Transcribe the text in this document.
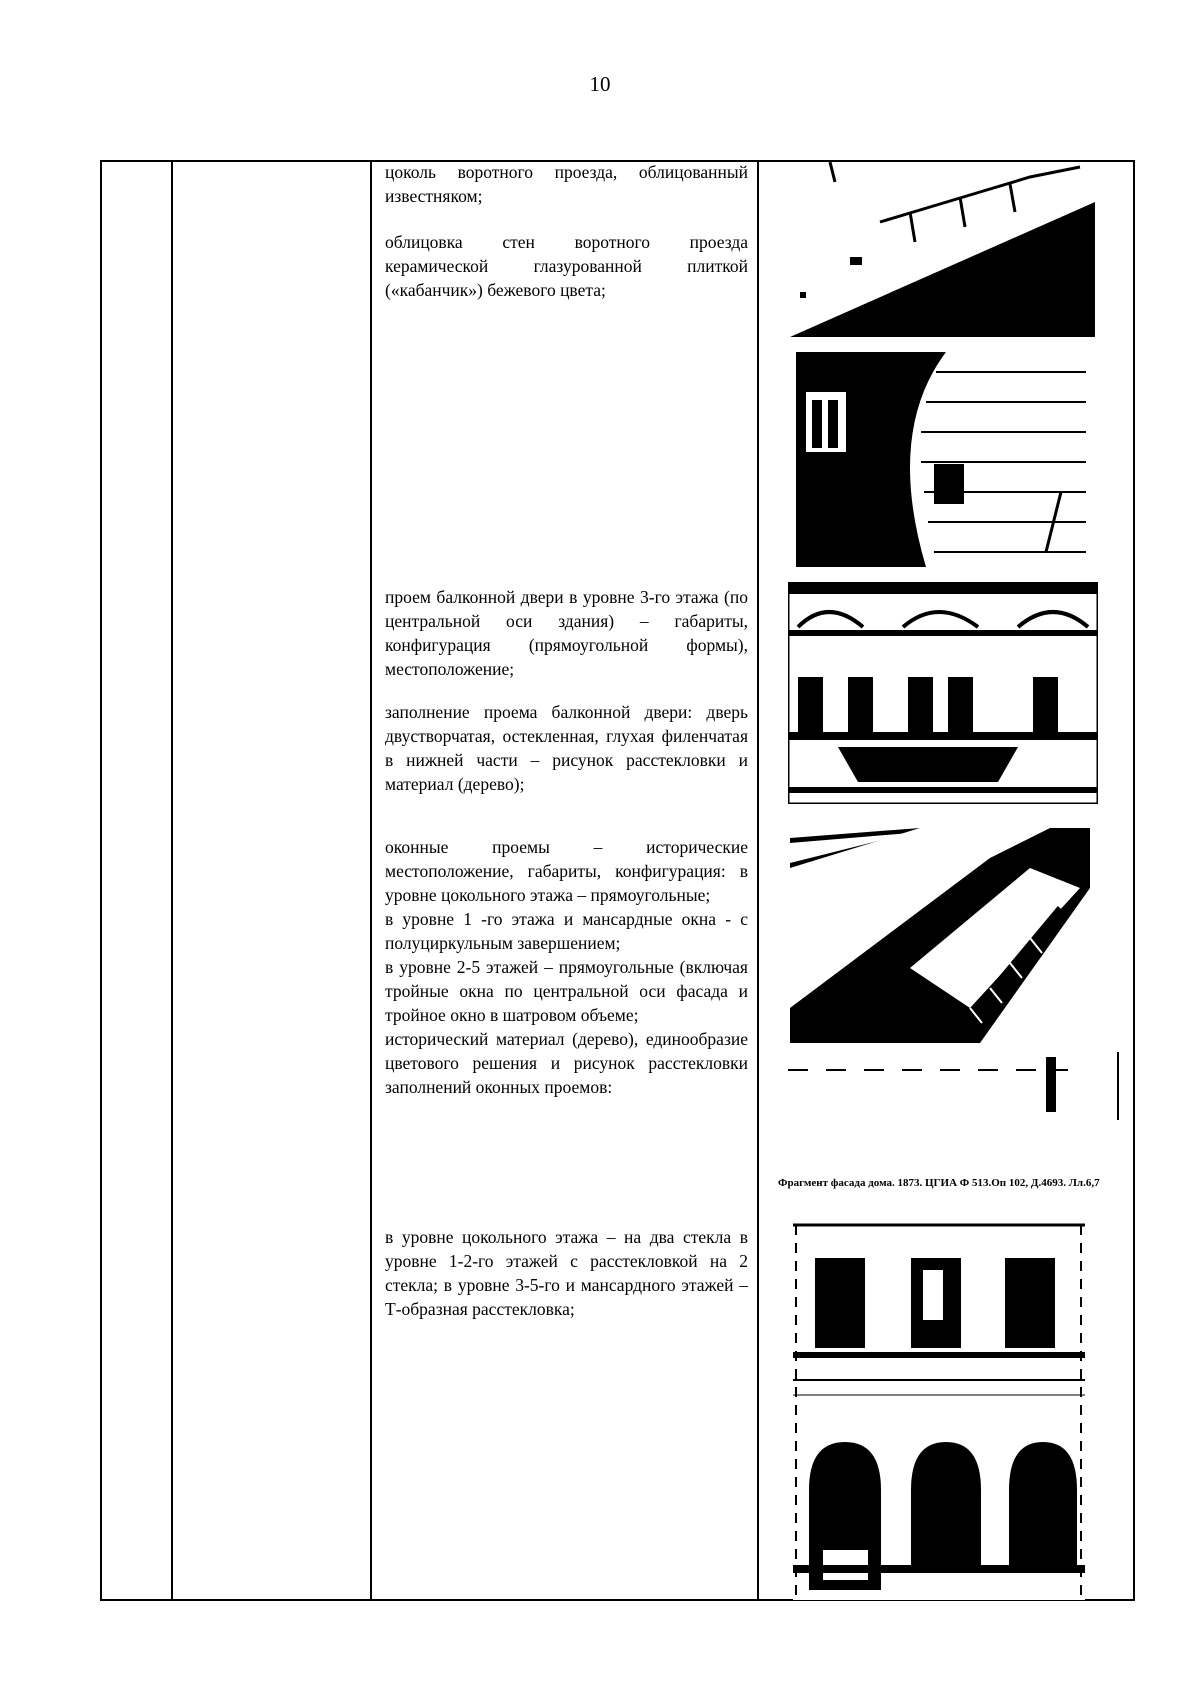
10

цоколь воротного проезда, облицованный известняком;

облицовка стен воротного проезда керамической глазурованной плиткой («кабанчик») бежевого цвета;

проем балконной двери в уровне 3-го этажа (по центральной оси здания) – габариты, конфигурация (прямоугольной формы), местоположение;

заполнение проема балконной двери: дверь двустворчатая, остекленная, глухая филенчатая в нижней части – рисунок расстекловки и материал (дерево);

оконные проемы – исторические местоположение, габариты, конфигурация: в уровне цокольного этажа – прямоугольные;

в уровне 1 -го этажа и мансардные окна - с полуциркульным завершением;

в уровне 2-5 этажей – прямоугольные (включая тройные окна по центральной оси фасада и тройное окно в шатровом объеме;

исторический материал (дерево), единообразие цветового решения и рисунок расстекловки заполнений оконных проемов:

в уровне цокольного этажа – на два стекла в уровне 1-2-го этажей с расстекловкой на 2 стекла; в уровне 3-5-го и мансардного этажей – Т-образная расстекловка;

Фрагмент фасада дома. 1873. ЦГИА Ф 513.Оп 102, Д.4693. Лл.6,7
